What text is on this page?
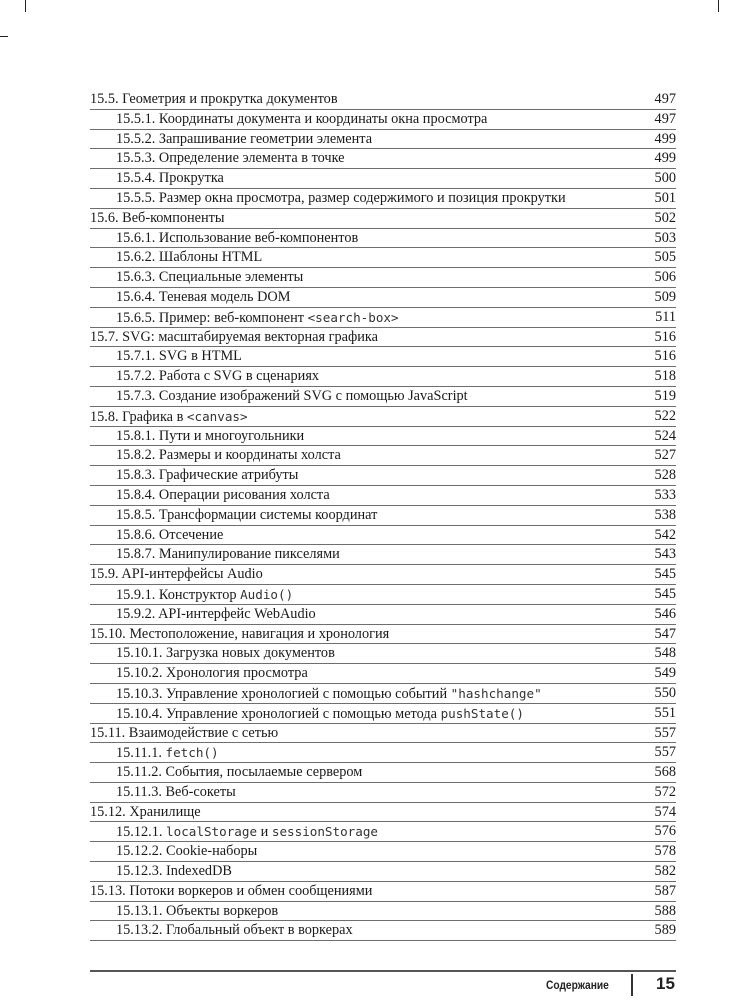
15.5. Геометрия и прокрутка документов	497
15.5.1. Координаты документа и координаты окна просмотра	497
15.5.2. Запрашивание геометрии элемента	499
15.5.3. Определение элемента в точке	499
15.5.4. Прокрутка	500
15.5.5. Размер окна просмотра, размер содержимого и позиция прокрутки	501
15.6. Веб-компоненты	502
15.6.1. Использование веб-компонентов	503
15.6.2. Шаблоны HTML	505
15.6.3. Специальные элементы	506
15.6.4. Теневая модель DOM	509
15.6.5. Пример: веб-компонент <search-box>	511
15.7. SVG: масштабируемая векторная графика	516
15.7.1. SVG в HTML	516
15.7.2. Работа с SVG в сценариях	518
15.7.3. Создание изображений SVG с помощью JavaScript	519
15.8. Графика в <canvas>	522
15.8.1. Пути и многоугольники	524
15.8.2. Размеры и координаты холста	527
15.8.3. Графические атрибуты	528
15.8.4. Операции рисования холста	533
15.8.5. Трансформации системы координат	538
15.8.6. Отсечение	542
15.8.7. Манипулирование пикселями	543
15.9. API-интерфейсы Audio	545
15.9.1. Конструктор Audio()	545
15.9.2. API-интерфейс WebAudio	546
15.10. Местоположение, навигация и хронология	547
15.10.1. Загрузка новых документов	548
15.10.2. Хронология просмотра	549
15.10.3. Управление хронологией с помощью событий "hashchange"	550
15.10.4. Управление хронологией с помощью метода pushState()	551
15.11. Взаимодействие с сетью	557
15.11.1. fetch()	557
15.11.2. События, посылаемые сервером	568
15.11.3. Веб-сокеты	572
15.12. Хранилище	574
15.12.1. localStorage и sessionStorage	576
15.12.2. Cookie-наборы	578
15.12.3. IndexedDB	582
15.13. Потоки воркеров и обмен сообщениями	587
15.13.1. Объекты воркеров	588
15.13.2. Глобальный объект в воркерах	589
Содержание	15
